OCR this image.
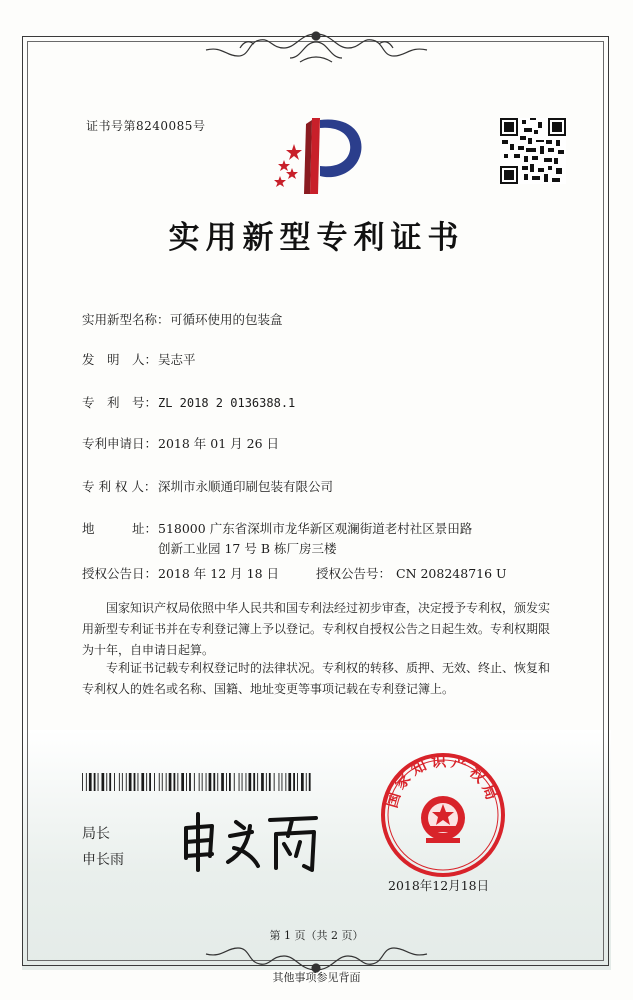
证书号第8240085号
实用新型专利证书
实用新型名称： 可循环使用的包装盒
发　明　人： 吴志平
专　利　号： ZL 2018 2 0136388.1
专利申请日： 2018 年 01 月 26 日
专 利 权 人： 深圳市永顺通印刷包装有限公司
地　　　址： 518000 广东省深圳市龙华新区观澜街道老村社区景田路
创新工业园 17 号 B 栋厂房三楼
授权公告日： 2018 年 12 月 18 日	授权公告号： CN 208248716 U
国家知识产权局依照中华人民共和国专利法经过初步审查，决定授予专利权，颁发实用新型专利证书并在专利登记簿上予以登记。专利权自授权公告之日起生效。专利权期限为十年，自申请日起算。
专利证书记载专利权登记时的法律状况。专利权的转移、质押、无效、终止、恢复和专利权人的姓名或名称、国籍、地址变更等事项记载在专利登记簿上。
局长
申长雨
国家知识产权局
2018年12月18日
第 1 页（共 2 页）
其他事项参见背面
